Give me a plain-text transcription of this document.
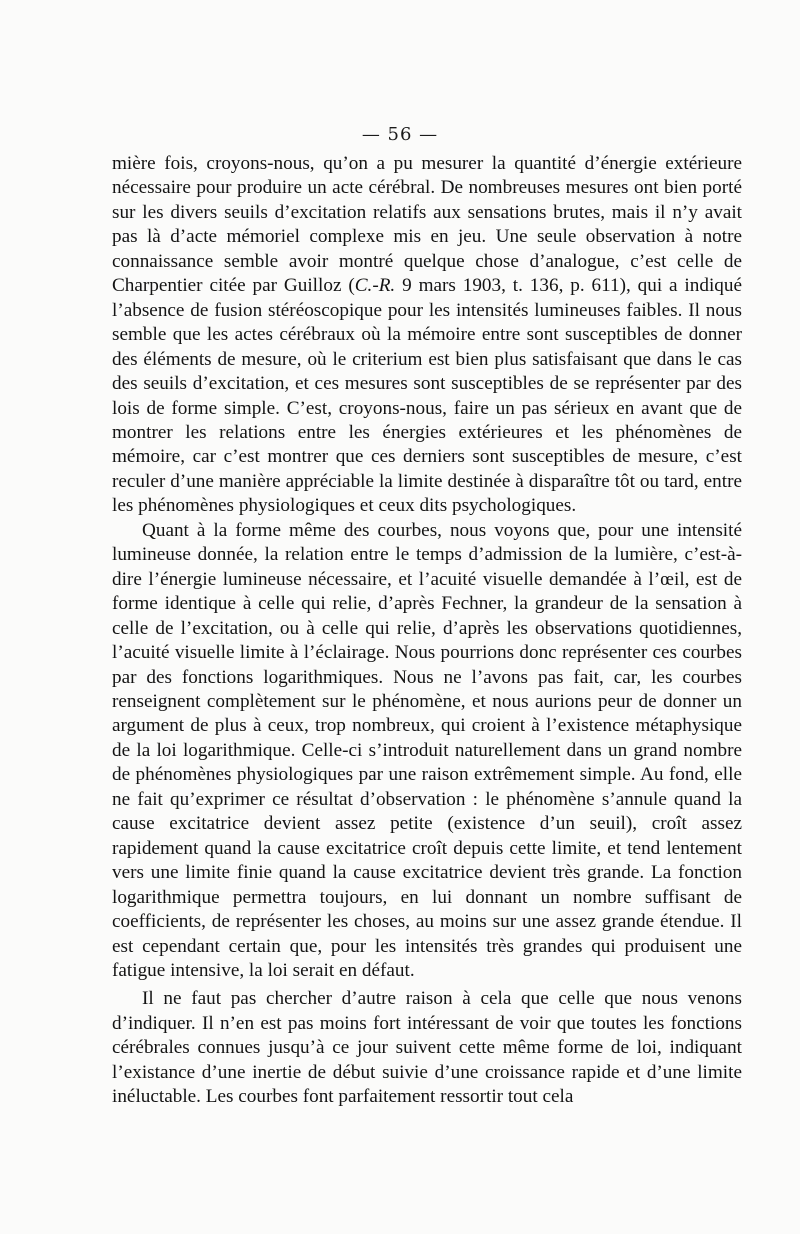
— 56 —

mière fois, croyons-nous, qu’on a pu mesurer la quantité d’énergie extérieure nécessaire pour produire un acte cérébral. De nombreuses mesures ont bien porté sur les divers seuils d’excitation relatifs aux sensations brutes, mais il n’y avait pas là d’acte mémoriel complexe mis en jeu. Une seule observation à notre connaissance semble avoir montré quelque chose d’analogue, c’est celle de Charpentier citée par Guilloz (C.-R. 9 mars 1903, t. 136, p. 611), qui a indiqué l’absence de fusion stéréoscopique pour les intensités lumineuses faibles. Il nous semble que les actes cérébraux où la mémoire entre sont susceptibles de donner des éléments de mesure, où le criterium est bien plus satisfaisant que dans le cas des seuils d’excitation, et ces mesures sont susceptibles de se représenter par des lois de forme simple. C’est, croyons-nous, faire un pas sérieux en avant que de montrer les relations entre les énergies extérieures et les phénomènes de mémoire, car c’est montrer que ces derniers sont susceptibles de mesure, c’est reculer d’une manière appréciable la limite destinée à disparaître tôt ou tard, entre les phénomènes physiologiques et ceux dits psychologiques.

Quant à la forme même des courbes, nous voyons que, pour une intensité lumineuse donnée, la relation entre le temps d’admission de la lumière, c’est-à-dire l’énergie lumineuse nécessaire, et l’acuité visuelle demandée à l’œil, est de forme identique à celle qui relie, d’après Fechner, la grandeur de la sensation à celle de l’excitation, ou à celle qui relie, d’après les observations quotidiennes, l’acuité visuelle limite à l’éclairage. Nous pourrions donc représenter ces courbes par des fonctions logarithmiques. Nous ne l’avons pas fait, car, les courbes renseignent complètement sur le phénomène, et nous aurions peur de donner un argument de plus à ceux, trop nombreux, qui croient à l’existence métaphysique de la loi logarithmique. Celle-ci s’introduit naturellement dans un grand nombre de phénomènes physiologiques par une raison extrêmement simple. Au fond, elle ne fait qu’exprimer ce résultat d’observation : le phénomène s’annule quand la cause excitatrice devient assez petite (existence d’un seuil), croît assez rapidement quand la cause excitatrice croît depuis cette limite, et tend lentement vers une limite finie quand la cause excitatrice devient très grande. La fonction logarithmique permettra toujours, en lui donnant un nombre suffisant de coefficients, de représenter les choses, au moins sur une assez grande étendue. Il est cependant certain que, pour les intensités très grandes qui produisent une fatigue intensive, la loi serait en défaut.

Il ne faut pas chercher d’autre raison à cela que celle que nous venons d’indiquer. Il n’en est pas moins fort intéressant de voir que toutes les fonctions cérébrales connues jusqu’à ce jour suivent cette même forme de loi, indiquant l’existance d’une inertie de début suivie d’une croissance rapide et d’une limite inéluctable. Les courbes font parfaitement ressortir tout cela
